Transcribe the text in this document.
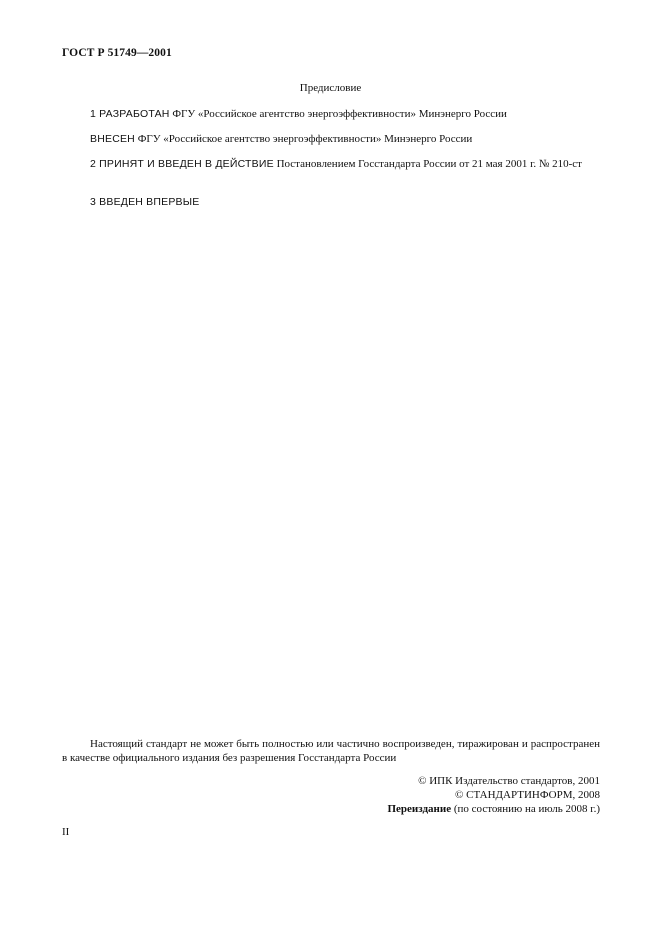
ГОСТ Р 51749—2001
Предисловие
1 РАЗРАБОТАН ФГУ «Российское агентство энергоэффективности» Минэнерго России
ВНЕСЕН ФГУ «Российское агентство энергоэффективности» Минэнерго России
2 ПРИНЯТ И ВВЕДЕН В ДЕЙСТВИЕ Постановлением Госстандарта России от 21 мая 2001 г. № 210-ст
3 ВВЕДЕН ВПЕРВЫЕ
Настоящий стандарт не может быть полностью или частично воспроизведен, тиражирован и распространен в качестве официального издания без разрешения Госстандарта России
© ИПК Издательство стандартов, 2001
© СТАНДАРТИНФОРМ, 2008
Переиздание (по состоянию на июль 2008 г.)
II
